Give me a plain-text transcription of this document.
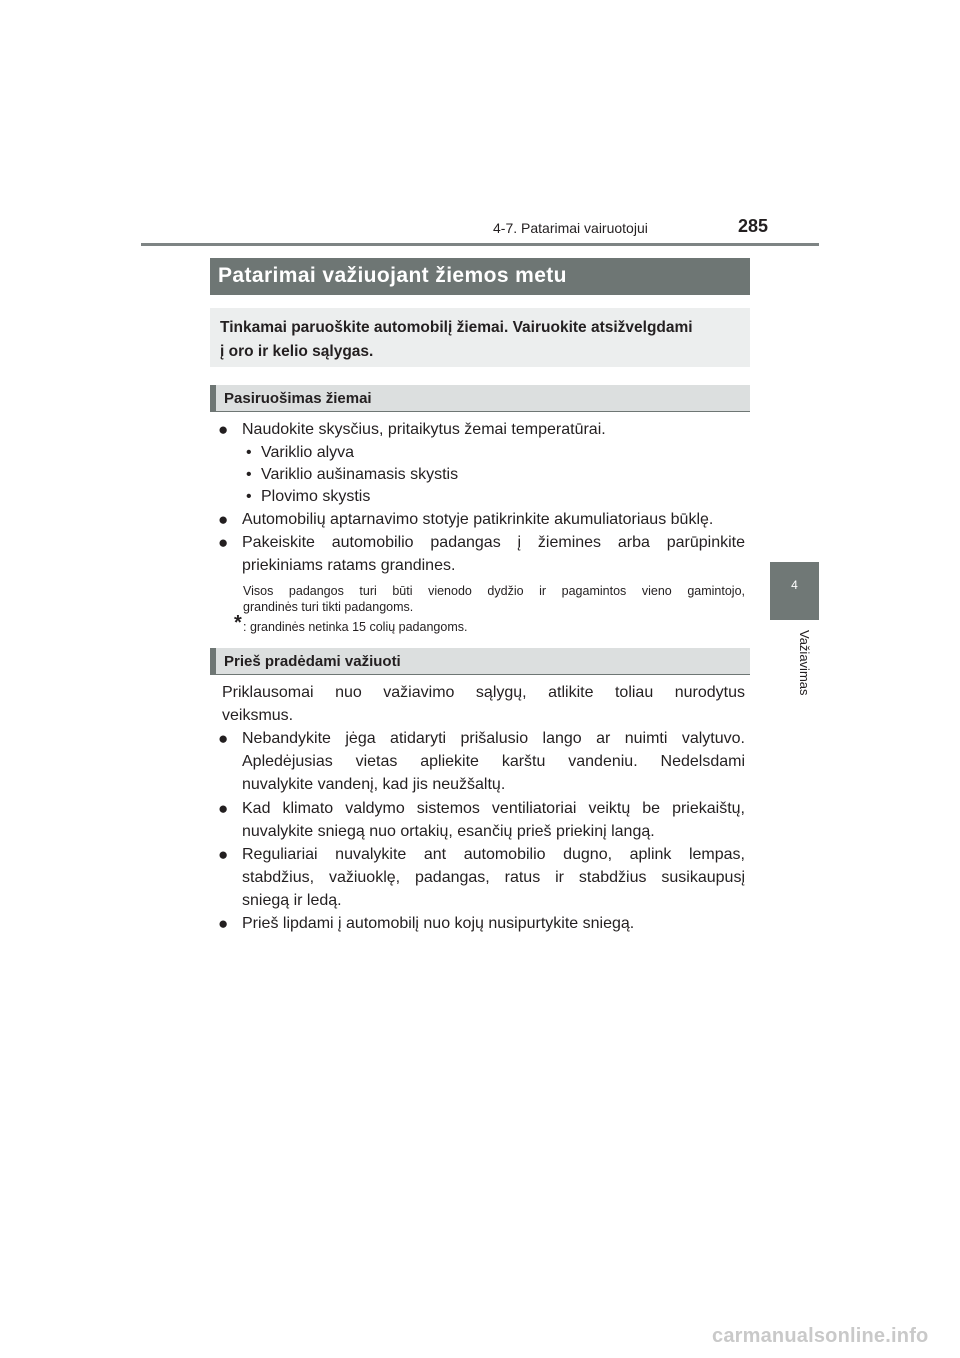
4-7. Patarimai vairuotojui	285
4
Važiavimas
Patarimai važiuojant žiemos metu
Tinkamai paruoškite automobilį žiemai. Vairuokite atsižvelgdami
į oro ir kelio sąlygas.
Pasiruošimas žiemai
● Naudokite skysčius, pritaikytus žemai temperatūrai.
• Variklio alyva
• Variklio aušinamasis skystis
• Plovimo skystis
● Automobilių aptarnavimo stotyje patikrinkite akumuliatoriaus būklę.
● Pakeiskite automobilio padangas į žiemines arba parūpinkite
priekiniams ratams grandines.
Visos padangos turi būti vienodo dydžio ir pagamintos vieno gamintojo,
grandinės turi tikti padangoms.
* : grandinės netinka 15 colių padangoms.
Prieš pradėdami važiuoti
Priklausomai nuo važiavimo sąlygų, atlikite toliau nurodytus
veiksmus.
● Nebandykite jėga atidaryti prišalusio lango ar nuimti valytuvo.
Apledėjusias vietas apliekite karštu vandeniu. Nedelsdami
nuvalykite vandenį, kad jis neužšaltų.
● Kad klimato valdymo sistemos ventiliatoriai veiktų be priekaištų,
nuvalykite sniegą nuo ortakių, esančių prieš priekinį langą.
● Reguliariai nuvalykite ant automobilio dugno, aplink lempas,
stabdžius, važiuoklę, padangas, ratus ir stabdžius susikaupusį
sniegą ir ledą.
● Prieš lipdami į automobilį nuo kojų nusipurtykite sniegą.
carmanualsonline.info
